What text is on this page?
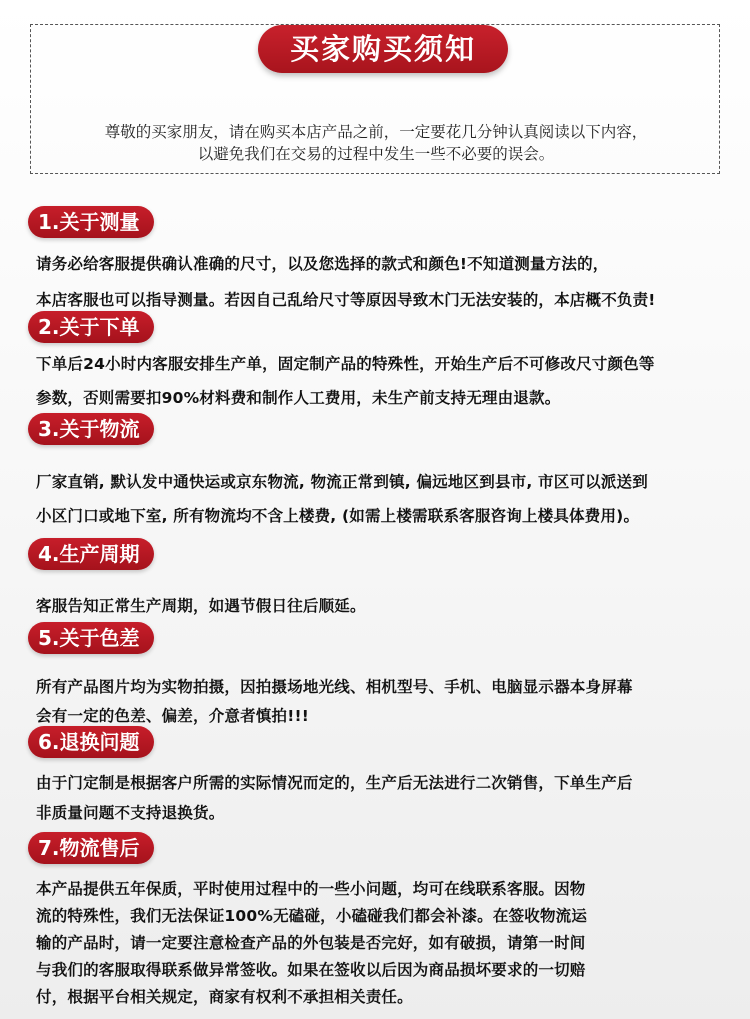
尊敬的买家朋友，请在购买本店产品之前，一定要花几分钟认真阅读以下内容，
以避免我们在交易的过程中发生一些不必要的误会。
买家购买须知
1.关于测量
请务必给客服提供确认准确的尺寸，以及您选择的款式和颜色!不知道测量方法的，
本店客服也可以指导测量。若因自己乱给尺寸等原因导致木门无法安装的，本店概不负责!
2.关于下单
下单后24小时内客服安排生产单，固定制产品的特殊性，开始生产后不可修改尺寸颜色等
参数，否则需要扣90%材料费和制作人工费用，未生产前支持无理由退款。
3.关于物流
厂家直销, 默认发中通快运或京东物流, 物流正常到镇, 偏远地区到县市, 市区可以派送到
小区门口或地下室, 所有物流均不含上楼费, (如需上楼需联系客服咨询上楼具体费用)。
4.生产周期
客服告知正常生产周期，如遇节假日往后顺延。
5.关于色差
所有产品图片均为实物拍摄，因拍摄场地光线、相机型号、手机、电脑显示器本身屏幕
会有一定的色差、偏差，介意者慎拍!!!
6.退换问题
由于门定制是根据客户所需的实际情况而定的，生产后无法进行二次销售，下单生产后
非质量问题不支持退换货。
7.物流售后
本产品提供五年保质，平时使用过程中的一些小问题，均可在线联系客服。因物
流的特殊性，我们无法保证100%无磕碰，小磕碰我们都会补漆。在签收物流运
输的产品时，请一定要注意检查产品的外包装是否完好，如有破损，请第一时间
与我们的客服取得联系做异常签收。如果在签收以后因为商品损坏要求的一切赔
付，根据平台相关规定，商家有权利不承担相关责任。
